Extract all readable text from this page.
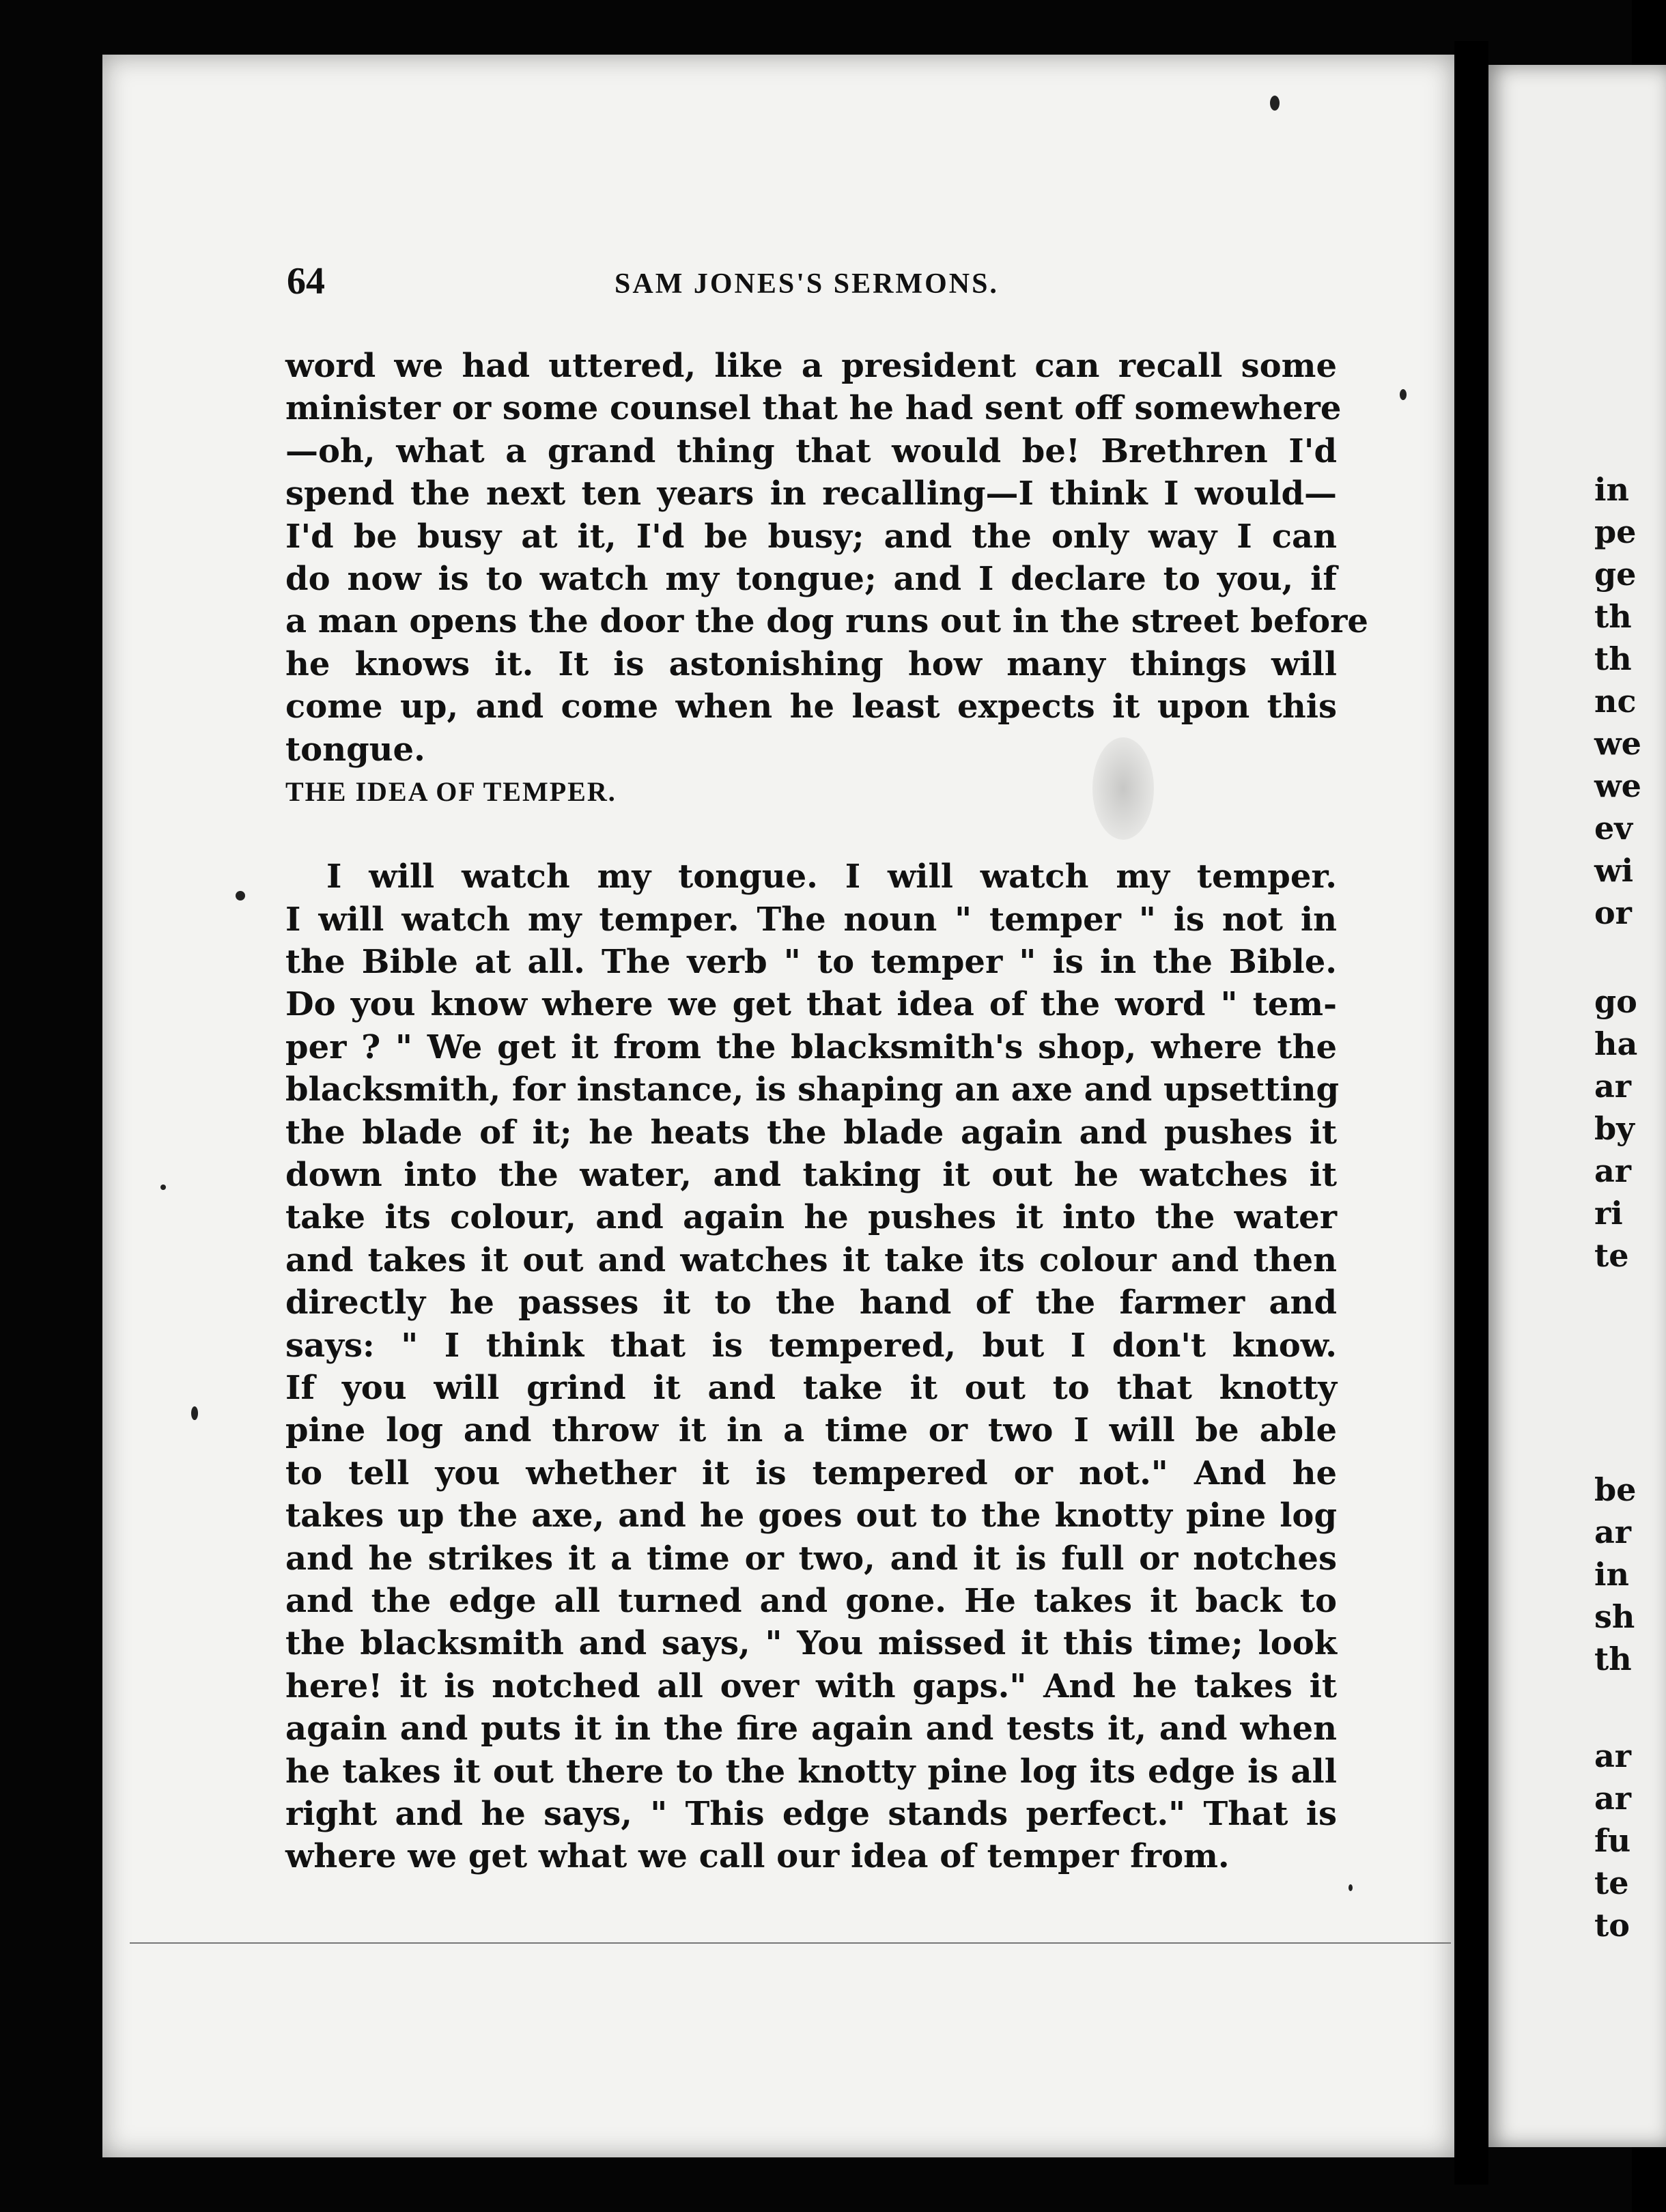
64	SAM JONES'S SERMONS.
word we had uttered, like a president can recall some
minister or some counsel that he had sent off somewhere
—oh, what a grand thing that would be! Brethren I'd
spend the next ten years in recalling—I think I would—
I'd be busy at it, I'd be busy; and the only way I can
do now is to watch my tongue; and I declare to you, if
a man opens the door the dog runs out in the street before
he knows it. It is astonishing how many things will
come up, and come when he least expects it upon this
tongue.
THE IDEA OF TEMPER.
I will watch my tongue. I will watch my temper.
I will watch my temper. The noun " temper " is not in
the Bible at all. The verb " to temper " is in the Bible.
Do you know where we get that idea of the word " tem-
per ? " We get it from the blacksmith's shop, where the
blacksmith, for instance, is shaping an axe and upsetting
the blade of it; he heats the blade again and pushes it
down into the water, and taking it out he watches it
take its colour, and again he pushes it into the water
and takes it out and watches it take its colour and then
directly he passes it to the hand of the farmer and
says: " I think that is tempered, but I don't know.
If you will grind it and take it out to that knotty
pine log and throw it in a time or two I will be able
to tell you whether it is tempered or not." And he
takes up the axe, and he goes out to the knotty pine log
and he strikes it a time or two, and it is full or notches
and the edge all turned and gone. He takes it back to
the blacksmith and says, " You missed it this time; look
here! it is notched all over with gaps." And he takes it
again and puts it in the fire again and tests it, and when
he takes it out there to the knotty pine log its edge is all
right and he says, " This edge stands perfect." That is
where we get what we call our idea of temper from.
in
pe
ge
th
th
nc
we
we
ev
wi
or
go
ha
ar
by
ar
ri
te
be
ar
in
sh
th
ar
ar
fu
te
to
